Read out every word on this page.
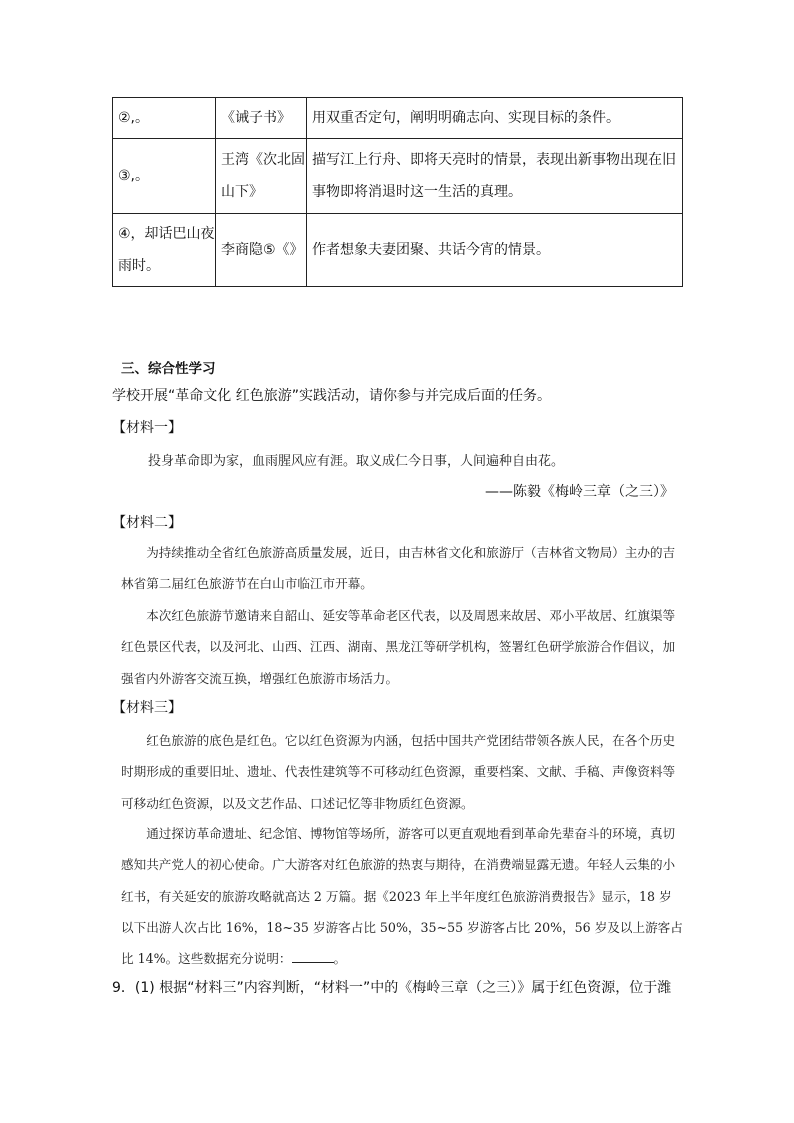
②,。	《诫子书》	用双重否定句，阐明明确志向、实现目标的条件。
③,。	王湾《次北固山下》	描写江上行舟、即将天亮时的情景，表现出新事物出现在旧事物即将消退时这一生活的真理。
④，却话巴山夜雨时。	李商隐⑤《》	作者想象夫妻团聚、共话今宵的情景。
三、综合性学习
学校开展“革命文化 红色旅游”实践活动，请你参与并完成后面的任务。
【材料一】
投身革命即为家，血雨腥风应有涯。取义成仁今日事，人间遍种自由花。
——陈毅《梅岭三章（之三）》
【材料二】
为持续推动全省红色旅游高质量发展，近日，由吉林省文化和旅游厅（吉林省文物局）主办的吉林省第二届红色旅游节在白山市临江市开幕。
本次红色旅游节邀请来自韶山、延安等革命老区代表，以及周恩来故居、邓小平故居、红旗渠等红色景区代表，以及河北、山西、江西、湖南、黑龙江等研学机构，签署红色研学旅游合作倡议，加强省内外游客交流互换，增强红色旅游市场活力。
【材料三】
红色旅游的底色是红色。它以红色资源为内涵，包括中国共产党团结带领各族人民，在各个历史时期形成的重要旧址、遗址、代表性建筑等不可移动红色资源，重要档案、文献、手稿、声像资料等可移动红色资源，以及文艺作品、口述记忆等非物质红色资源。
通过探访革命遗址、纪念馆、博物馆等场所，游客可以更直观地看到革命先辈奋斗的环境，真切感知共产党人的初心使命。广大游客对红色旅游的热衷与期待，在消费端显露无遗。年轻人云集的小红书，有关延安的旅游攻略就高达 2 万篇。据《2023 年上半年度红色旅游消费报告》显示，18 岁以下出游人次占比 16%，18~35 岁游客占比 50%，35~55 岁游客占比 20%，56 岁及以上游客占比 14%。这些数据充分说明：	。
9．(1) 根据“材料三”内容判断，“材料一”中的《梅岭三章（之三）》属于红色资源，位于潍
